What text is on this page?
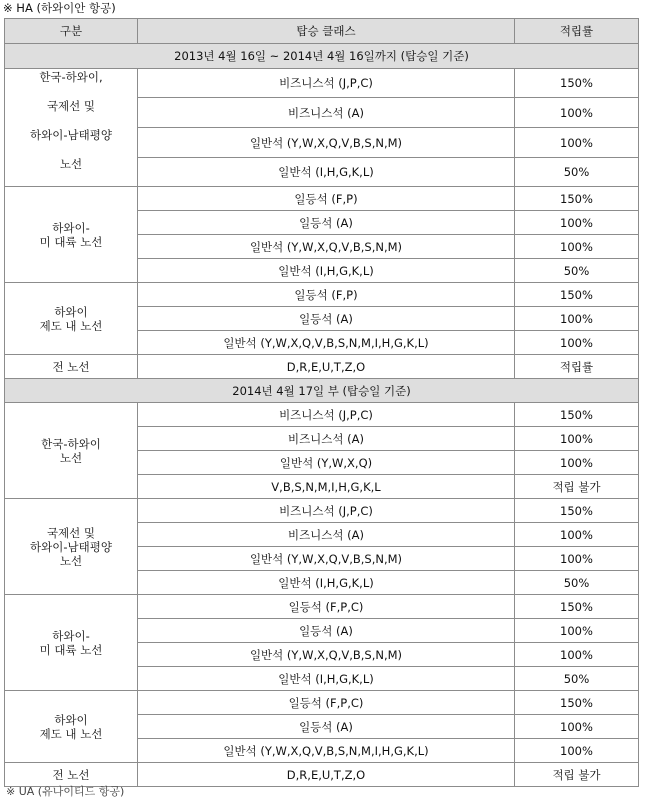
※ HA (하와이안 항공)
구분	탑승 클래스	적립률
2013년 4월 16일 ~ 2014년 4월 16일까지 (탑승일 기준)		

한국-하와이,
국제선 및
하와이-남태평양
노선	비즈니스석 (J,P,C)	150%
	비즈니스석 (A)	100%
	일반석 (Y,W,X,Q,V,B,S,N,M)	100%
	일반석 (I,H,G,K,L)	50%

하와이-
미 대륙 노선	일등석 (F,P)	150%
	일등석 (A)	100%
	일반석 (Y,W,X,Q,V,B,S,N,M)	100%
	일반석 (I,H,G,K,L)	50%

하와이
제도 내 노선	일등석 (F,P)	150%
	일등석 (A)	100%
	일반석 (Y,W,X,Q,V,B,S,N,M,I,H,G,K,L)	100%

전 노선	D,R,E,U,T,Z,O	적립률
2014년 4월 17일 부 (탑승일 기준)		

한국-하와이
노선	비즈니스석 (J,P,C)	150%
	비즈니스석 (A)	100%
	일반석 (Y,W,X,Q)	100%
	V,B,S,N,M,I,H,G,K,L	적립 불가

국제선 및
하와이-남태평양
노선	비즈니스석 (J,P,C)	150%
	비즈니스석 (A)	100%
	일반석 (Y,W,X,Q,V,B,S,N,M)	100%
	일반석 (I,H,G,K,L)	50%

하와이-
미 대륙 노선	일등석 (F,P,C)	150%
	일등석 (A)	100%
	일반석 (Y,W,X,Q,V,B,S,N,M)	100%
	일반석 (I,H,G,K,L)	50%

하와이
제도 내 노선	일등석 (F,P,C)	150%
	일등석 (A)	100%
	일반석 (Y,W,X,Q,V,B,S,N,M,I,H,G,K,L)	100%

전 노선	D,R,E,U,T,Z,O	적립 불가
※ UA (유나이티드 항공)
